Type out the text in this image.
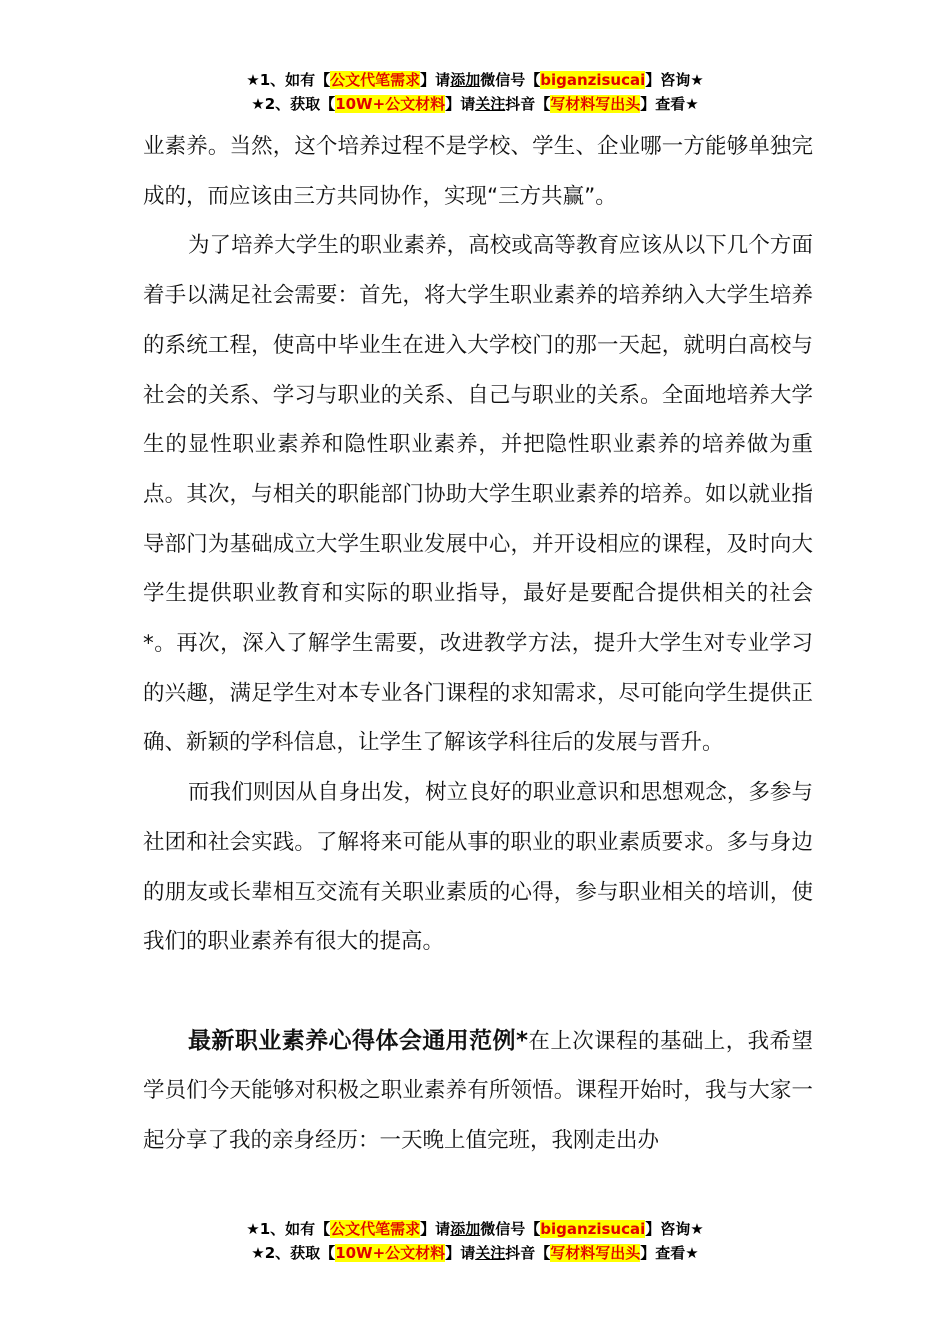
★1、如有【公文代笔需求】请添加微信号【biganzisucai】咨询★
★2、获取【10W+公文材料】请关注抖音【写材料写出头】查看★

业素养。当然，这个培养过程不是学校、学生、企业哪一方能够单独完成的，而应该由三方共同协作，实现“三方共赢”。

为了培养大学生的职业素养，高校或高等教育应该从以下几个方面着手以满足社会需要：首先，将大学生职业素养的培养纳入大学生培养的系统工程，使高中毕业生在进入大学校门的那一天起，就明白高校与社会的关系、学习与职业的关系、自己与职业的关系。全面地培养大学生的显性职业素养和隐性职业素养，并把隐性职业素养的培养做为重点。其次，与相关的职能部门协助大学生职业素养的培养。如以就业指导部门为基础成立大学生职业发展中心，并开设相应的课程，及时向大学生提供职业教育和实际的职业指导，最好是要配合提供相关的社会*。再次，深入了解学生需要，改进教学方法，提升大学生对专业学习的兴趣，满足学生对本专业各门课程的求知需求，尽可能向学生提供正确、新颖的学科信息，让学生了解该学科往后的发展与晋升。

而我们则因从自身出发，树立良好的职业意识和思想观念，多参与社团和社会实践。了解将来可能从事的职业的职业素质要求。多与身边的朋友或长辈相互交流有关职业素质的心得，参与职业相关的培训，使我们的职业素养有很大的提高。

最新职业素养心得体会通用范例*在上次课程的基础上，我希望学员们今天能够对积极之职业素养有所领悟。课程开始时，我与大家一起分享了我的亲身经历：一天晚上值完班，我刚走出办

★1、如有【公文代笔需求】请添加微信号【biganzisucai】咨询★
★2、获取【10W+公文材料】请关注抖音【写材料写出头】查看★
